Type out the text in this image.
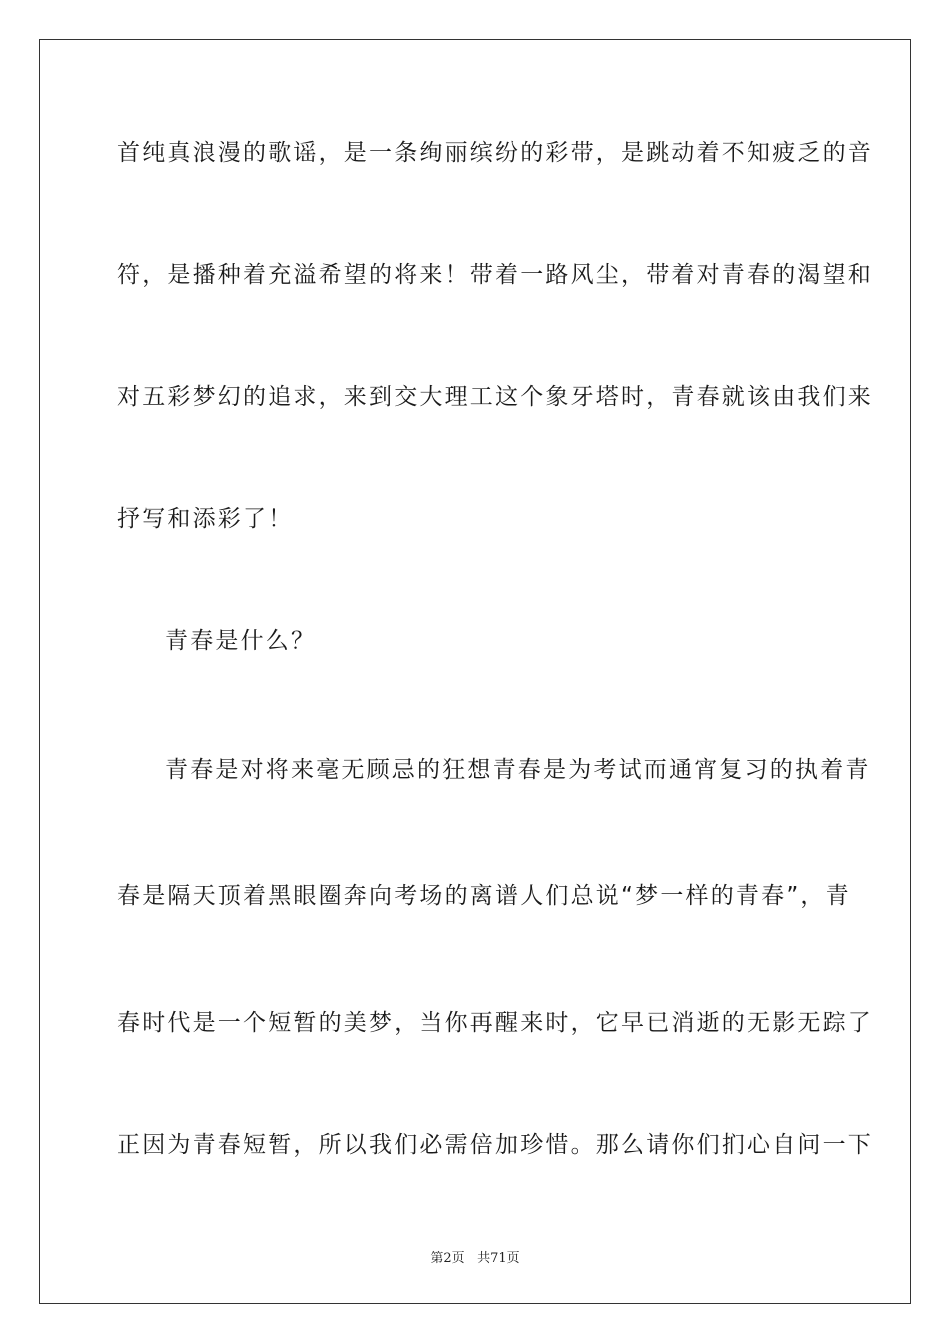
首纯真浪漫的歌谣，是一条绚丽缤纷的彩带，是跳动着不知疲乏的音
符，是播种着充溢希望的将来！带着一路风尘，带着对青春的渴望和
对五彩梦幻的追求，来到交大理工这个象牙塔时，青春就该由我们来
抒写和添彩了！
青春是什么？
青春是对将来毫无顾忌的狂想青春是为考试而通宵复习的执着青
春是隔天顶着黑眼圈奔向考场的离谱人们总说“梦一样的青春”，青
春时代是一个短暂的美梦，当你再醒来时，它早已消逝的无影无踪了
正因为青春短暂，所以我们必需倍加珍惜。那么请你们扪心自问一下
第2页 共71页
